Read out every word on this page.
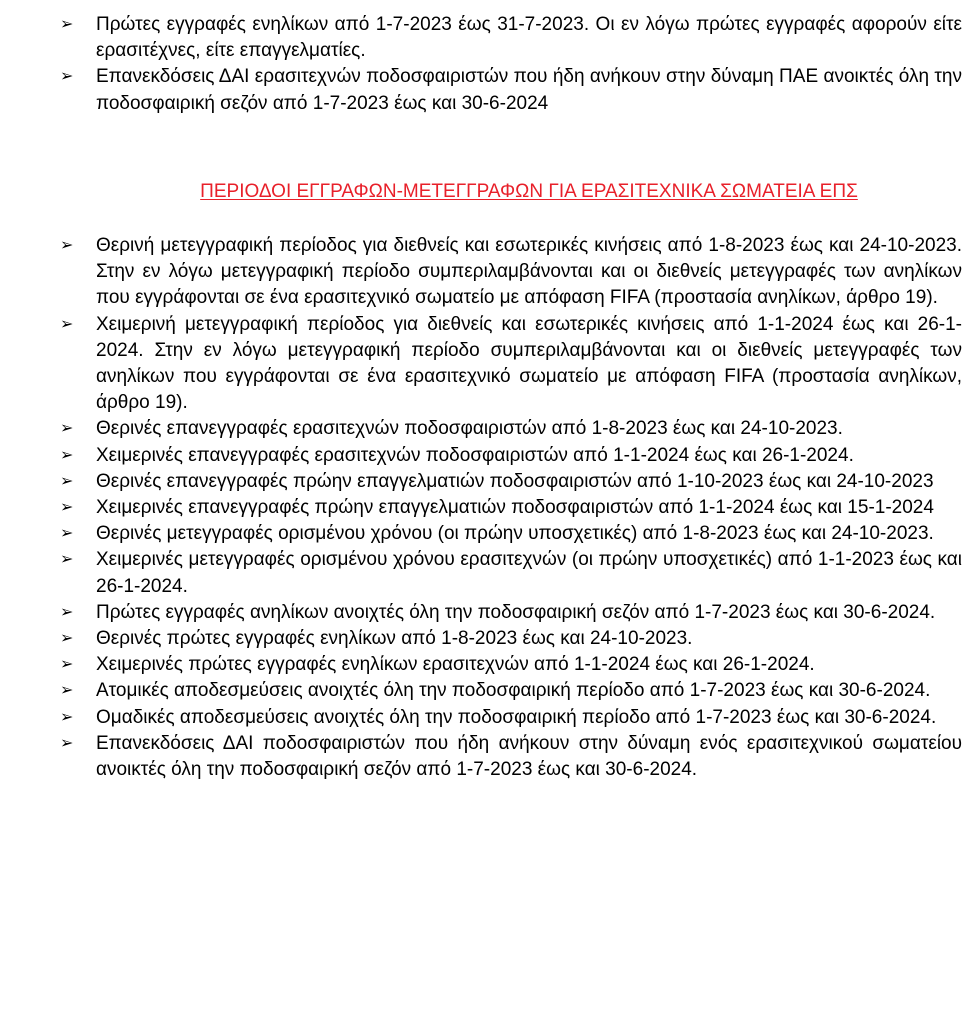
➢	Πρώτες εγγραφές ενηλίκων από 1-7-2023 έως 31-7-2023. Οι εν λόγω πρώτες εγγραφές αφορούν είτε ερασιτέχνες, είτε επαγγελματίες.
➢	Επανεκδόσεις ΔΑΙ ερασιτεχνών ποδοσφαιριστών που ήδη ανήκουν στην δύναμη ΠΑΕ ανοικτές όλη την ποδοσφαιρική σεζόν από 1-7-2023 έως και 30-6-2024
ΠΕΡΙΟΔΟΙ ΕΓΓΡΑΦΩΝ-ΜΕΤΕΓΓΡΑΦΩΝ ΓΙΑ ΕΡΑΣΙΤΕΧΝΙΚΑ ΣΩΜΑΤΕΙΑ ΕΠΣ
➢	Θερινή μετεγγραφική περίοδος για διεθνείς και εσωτερικές κινήσεις από 1-8-2023 έως και 24-10-2023. Στην εν λόγω μετεγγραφική περίοδο συμπεριλαμβάνονται και οι διεθνείς μετεγγραφές των ανηλίκων που εγγράφονται σε ένα ερασιτεχνικό σωματείο με απόφαση FIFA (προστασία ανηλίκων, άρθρο 19).
➢	Χειμερινή μετεγγραφική περίοδος για διεθνείς και εσωτερικές κινήσεις από 1-1-2024 έως και 26-1-2024. Στην εν λόγω μετεγγραφική περίοδο συμπεριλαμβάνονται και οι διεθνείς μετεγγραφές των ανηλίκων που εγγράφονται σε ένα ερασιτεχνικό σωματείο με απόφαση FIFA (προστασία ανηλίκων, άρθρο 19).
➢	Θερινές επανεγγραφές ερασιτεχνών ποδοσφαιριστών από 1-8-2023 έως και 24-10-2023.
➢	Χειμερινές επανεγγραφές ερασιτεχνών ποδοσφαιριστών από 1-1-2024 έως και 26-1-2024.
➢	Θερινές επανεγγραφές πρώην επαγγελματιών ποδοσφαιριστών από 1-10-2023 έως και 24-10-2023
➢	Χειμερινές επανεγγραφές πρώην επαγγελματιών ποδοσφαιριστών από 1-1-2024 έως και 15-1-2024
➢	Θερινές μετεγγραφές ορισμένου χρόνου (οι πρώην υποσχετικές) από 1-8-2023 έως και 24-10-2023.
➢	Χειμερινές μετεγγραφές ορισμένου χρόνου ερασιτεχνών (οι πρώην υποσχετικές) από 1-1-2023 έως και 26-1-2024.
➢	Πρώτες εγγραφές ανηλίκων ανοιχτές όλη την ποδοσφαιρική σεζόν από 1-7-2023 έως και 30-6-2024.
➢	Θερινές πρώτες εγγραφές ενηλίκων από 1-8-2023 έως και 24-10-2023.
➢	Χειμερινές πρώτες εγγραφές ενηλίκων ερασιτεχνών από 1-1-2024 έως και 26-1-2024.
➢	Ατομικές αποδεσμεύσεις ανοιχτές όλη την ποδοσφαιρική περίοδο από 1-7-2023 έως και 30-6-2024.
➢	Ομαδικές αποδεσμεύσεις ανοιχτές όλη την ποδοσφαιρική περίοδο από 1-7-2023 έως και 30-6-2024.
➢	Επανεκδόσεις ΔΑΙ ποδοσφαιριστών που ήδη ανήκουν στην δύναμη ενός ερασιτεχνικού σωματείου ανοικτές όλη την ποδοσφαιρική σεζόν από 1-7-2023 έως και 30-6-2024.
